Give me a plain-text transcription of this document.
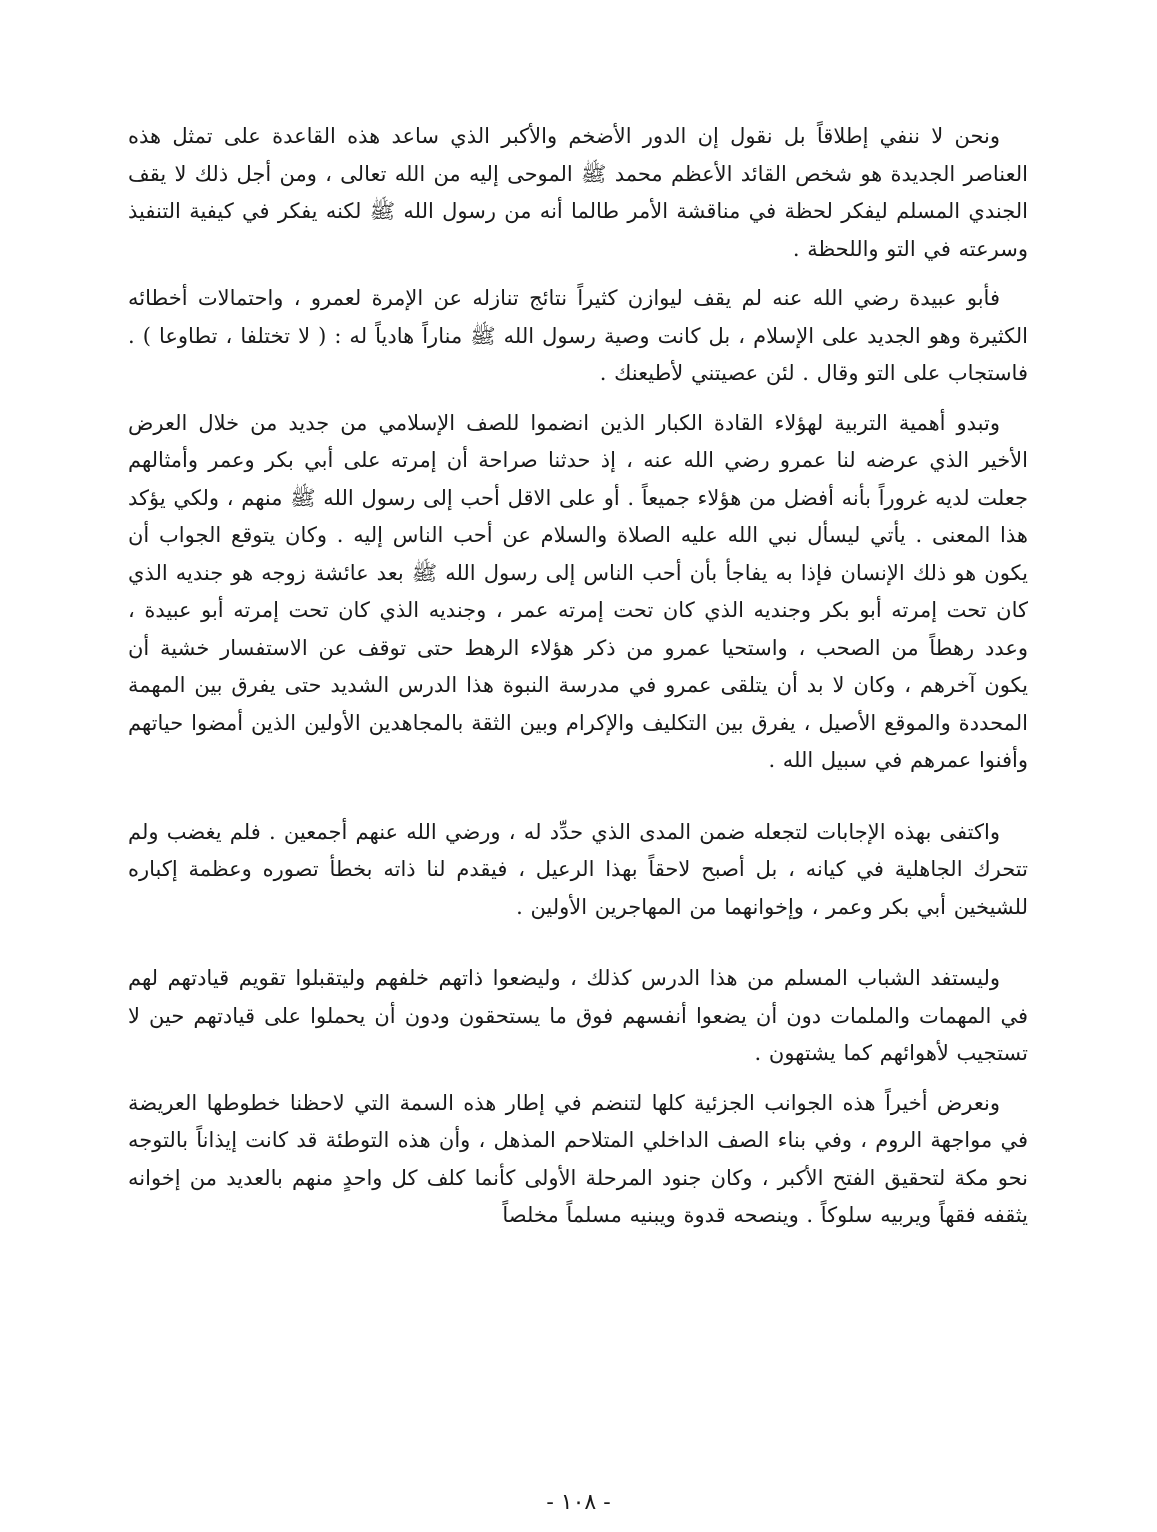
ونحن لا ننفي إطلاقاً بل نقول إن الدور الأضخم والأكبر الذي ساعد هذه القاعدة على تمثل هذه العناصر الجديدة هو شخص القائد الأعظم محمد ﷺ الموحى إليه من الله تعالى ، ومن أجل ذلك لا يقف الجندي المسلم ليفكر لحظة في مناقشة الأمر طالما أنه من رسول الله ﷺ لكنه يفكر في كيفية التنفيذ وسرعته في التو واللحظة .

فأبو عبيدة رضي الله عنه لم يقف ليوازن كثيراً نتائج تنازله عن الإمرة لعمرو ، واحتمالات أخطائه الكثيرة وهو الجديد على الإسلام ، بل كانت وصية رسول الله ﷺ مناراً هادياً له : ( لا تختلفا ، تطاوعا ) . فاستجاب على التو وقال . لئن عصيتني لأطيعنك .

وتبدو أهمية التربية لهؤلاء القادة الكبار الذين انضموا للصف الإسلامي من جديد من خلال العرض الأخير الذي عرضه لنا عمرو رضي الله عنه ، إذ حدثنا صراحة أن إمرته على أبي بكر وعمر وأمثالهم جعلت لديه غروراً بأنه أفضل من هؤلاء جميعاً . أو على الاقل أحب إلى رسول الله ﷺ منهم ، ولكي يؤكد هذا المعنى . يأتي ليسأل نبي الله عليه الصلاة والسلام عن أحب الناس إليه . وكان يتوقع الجواب أن يكون هو ذلك الإنسان فإذا به يفاجأ بأن أحب الناس إلى رسول الله ﷺ بعد عائشة زوجه هو جنديه الذي كان تحت إمرته أبو بكر وجنديه الذي كان تحت إمرته عمر ، وجنديه الذي كان تحت إمرته أبو عبيدة ، وعدد رهطاً من الصحب ، واستحيا عمرو من ذكر هؤلاء الرهط حتى توقف عن الاستفسار خشية أن يكون آخرهم ، وكان لا بد أن يتلقى عمرو في مدرسة النبوة هذا الدرس الشديد حتى يفرق بين المهمة المحددة والموقع الأصيل ، يفرق بين التكليف والإكرام وبين الثقة بالمجاهدين الأولين الذين أمضوا حياتهم وأفنوا عمرهم في سبيل الله .

واكتفى بهذه الإجابات لتجعله ضمن المدى الذي حدِّد له ، ورضي الله عنهم أجمعين . فلم يغضب ولم تتحرك الجاهلية في كيانه ، بل أصبح لاحقاً بهذا الرعيل ، فيقدم لنا ذاته بخطأ تصوره وعظمة إكباره للشيخين أبي بكر وعمر ، وإخوانهما من المهاجرين الأولين .

وليستفد الشباب المسلم من هذا الدرس كذلك ، وليضعوا ذاتهم خلفهم وليتقبلوا تقويم قيادتهم لهم في المهمات والملمات دون أن يضعوا أنفسهم فوق ما يستحقون ودون أن يحملوا على قيادتهم حين لا تستجيب لأهوائهم كما يشتهون .

ونعرض أخيراً هذه الجوانب الجزئية كلها لتنضم في إطار هذه السمة التي لاحظنا خطوطها العريضة في مواجهة الروم ، وفي بناء الصف الداخلي المتلاحم المذهل ، وأن هذه التوطئة قد كانت إيذاناً بالتوجه نحو مكة لتحقيق الفتح الأكبر ، وكان جنود المرحلة الأولى كأنما كلف كل واحدٍ منهم بالعديد من إخوانه يثقفه فقهاً ويربيه سلوكاً . وينصحه قدوة ويبنيه مسلماً مخلصاً

- ١٠٨ -
